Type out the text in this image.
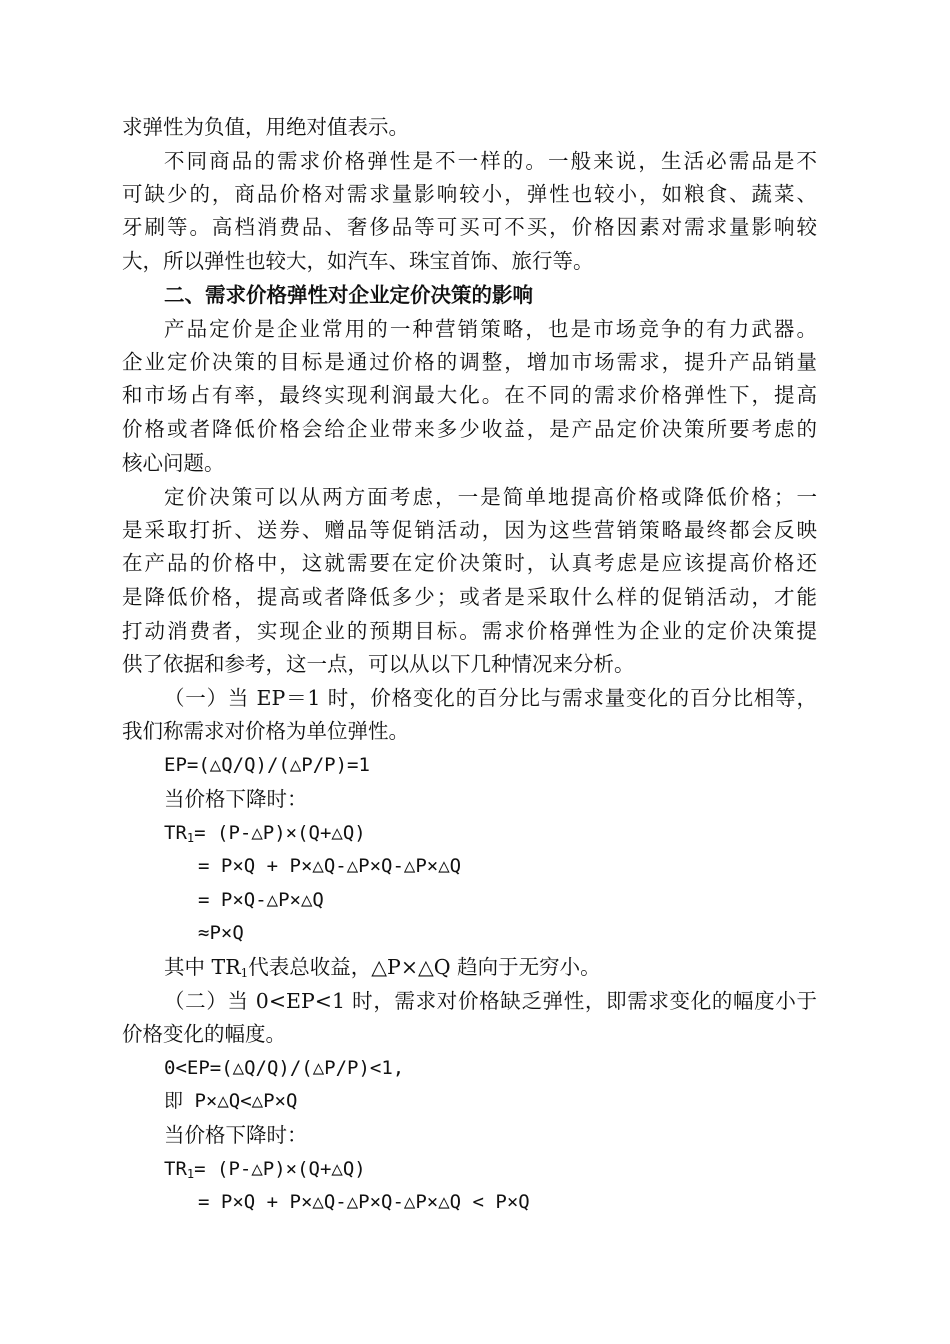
求弹性为负值，用绝对值表示。
不同商品的需求价格弹性是不一样的。一般来说，生活必需品是不
可缺少的，商品价格对需求量影响较小，弹性也较小，如粮食、蔬菜、
牙刷等。高档消费品、奢侈品等可买可不买，价格因素对需求量影响较
大，所以弹性也较大，如汽车、珠宝首饰、旅行等。
二、需求价格弹性对企业定价决策的影响
产品定价是企业常用的一种营销策略，也是市场竞争的有力武器。
企业定价决策的目标是通过价格的调整，增加市场需求，提升产品销量
和市场占有率，最终实现利润最大化。在不同的需求价格弹性下，提高
价格或者降低价格会给企业带来多少收益，是产品定价决策所要考虑的
核心问题。
定价决策可以从两方面考虑，一是简单地提高价格或降低价格；一
是采取打折、送券、赠品等促销活动，因为这些营销策略最终都会反映
在产品的价格中，这就需要在定价决策时，认真考虑是应该提高价格还
是降低价格，提高或者降低多少；或者是采取什么样的促销活动，才能
打动消费者，实现企业的预期目标。需求价格弹性为企业的定价决策提
供了依据和参考，这一点，可以从以下几种情况来分析。
（一）当 EP＝1 时，价格变化的百分比与需求量变化的百分比相等，
我们称需求对价格为单位弹性。
EP=(△Q/Q)/(△P/P)=1
当价格下降时：
$TR_1=$ (P-△P)×(Q+△Q)
= P×Q + P×△Q-△P×Q-△P×△Q
= P×Q-△P×△Q
≈P×Q
其中 $TR_1$代表总收益，△P×△Q 趋向于无穷小。
（二）当 0<EP<1 时，需求对价格缺乏弹性，即需求变化的幅度小于
价格变化的幅度。
0<EP=(△Q/Q)/(△P/P)<1,
即 P×△Q<△P×Q
当价格下降时：
$TR_1=$ (P-△P)×(Q+△Q)
= P×Q + P×△Q-△P×Q-△P×△Q < P×Q
